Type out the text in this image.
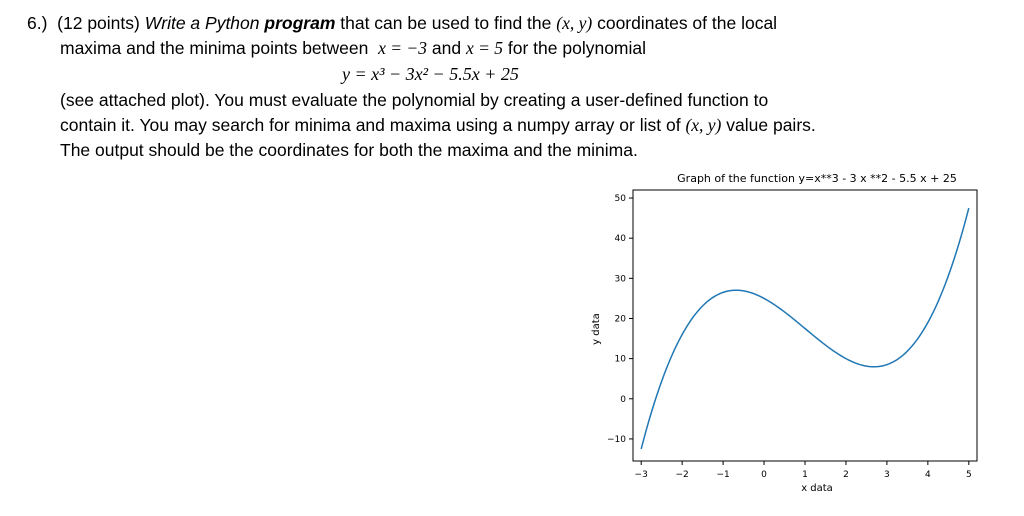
6.) (12 points) Write a Python program that can be used to find the (x, y) coordinates of the local
maxima and the minima points between x = −3 and x = 5 for the polynomial
y = x³ − 3x² − 5.5x + 25
(see attached plot). You must evaluate the polynomial by creating a user-defined function to
contain it. You may search for minima and maxima using a numpy array or list of (x, y) value pairs.
The output should be the coordinates for both the maxima and the minima.
Graph of the function y=x**3 - 3 x **2 - 5.5 x + 25
y data
x data
−3	−2	−1	0	1	2	3	4	5
−10
0
10
20
30
40
50
